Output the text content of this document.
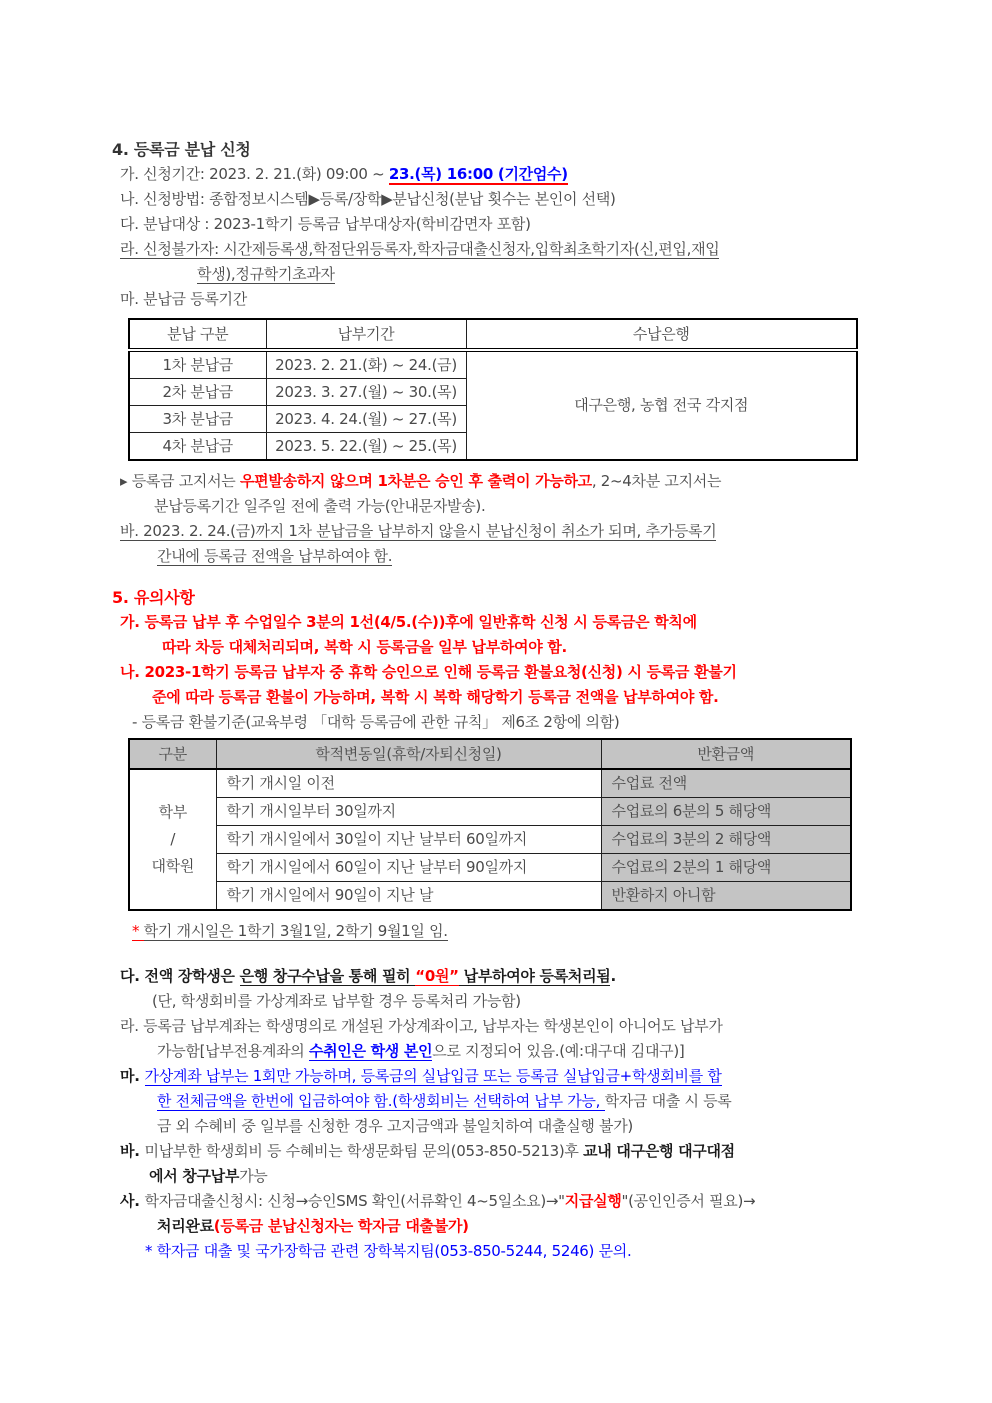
4. 등록금 분납 신청
가. 신청기간: 2023. 2. 21.(화) 09:00 ~ 23.(목) 16:00 (기간엄수)
나. 신청방법: 종합정보시스템▶등록/장학▶분납신청(분납 횟수는 본인이 선택)
다. 분납대상 : 2023-1학기 등록금 납부대상자(학비감면자 포함)
라. 신청불가자: 시간제등록생,학점단위등록자,학자금대출신청자,입학최초학기자(신,편입,재입
학생),정규학기초과자
마. 분납금 등록기간
분납 구분	납부기간	수납은행
1차 분납금	2023. 2. 21.(화) ~ 24.(금)	대구은행, 농협 전국 각지점
2차 분납금	2023. 3. 27.(월) ~ 30.(목)	
3차 분납금	2023. 4. 24.(월) ~ 27.(목)	
4차 분납금	2023. 5. 22.(월) ~ 25.(목)	
▸ 등록금 고지서는 우편발송하지 않으며 1차분은 승인 후 출력이 가능하고, 2~4차분 고지서는
분납등록기간 일주일 전에 출력 가능(안내문자발송).
바. 2023. 2. 24.(금)까지 1차 분납금을 납부하지 않을시 분납신청이 취소가 되며, 추가등록기
간내에 등록금 전액을 납부하여야 함.
5. 유의사항
가. 등록금 납부 후 수업일수 3분의 1선(4/5.(수))후에 일반휴학 신청 시 등록금은 학칙에
따라 차등 대체처리되며, 복학 시 등록금을 일부 납부하여야 함.
나. 2023-1학기 등록금 납부자 중 휴학 승인으로 인해 등록금 환불요청(신청) 시 등록금 환불기
준에 따라 등록금 환불이 가능하며, 복학 시 복학 해당학기 등록금 전액을 납부하여야 함.
- 등록금 환불기준(교육부령 「대학 등록금에 관한 규칙」 제6조 2항에 의함)
구분	학적변동일(휴학/자퇴신청일)	반환금액

학부
/
대학원	학기 개시일 이전	수업료 전액
	학기 개시일부터 30일까지	수업료의 6분의 5 해당액
	학기 개시일에서 30일이 지난 날부터 60일까지	수업료의 3분의 2 해당액
	학기 개시일에서 60일이 지난 날부터 90일까지	수업료의 2분의 1 해당액
	학기 개시일에서 90일이 지난 날	반환하지 아니함
* 학기 개시일은 1학기 3월1일, 2학기 9월1일 임.
다. 전액 장학생은 은행 창구수납을 통해 필히 “0원” 납부하여야 등록처리됨.
(단, 학생회비를 가상계좌로 납부할 경우 등록처리 가능함)
라. 등록금 납부계좌는 학생명의로 개설된 가상계좌이고, 납부자는 학생본인이 아니어도 납부가
가능함[납부전용계좌의 수취인은 학생 본인으로 지정되어 있음.(예:대구대 김대구)]
마. 가상계좌 납부는 1회만 가능하며, 등록금의 실납입금 또는 등록금 실납입금+학생회비를 합
한 전체금액을 한번에 입금하여야 함.(학생회비는 선택하여 납부 가능, 학자금 대출 시 등록
금 외 수혜비 중 일부를 신청한 경우 고지금액과 불일치하여 대출실행 불가)
바. 미납부한 학생회비 등 수혜비는 학생문화팀 문의(053-850-5213)후 교내 대구은행 대구대점
에서 창구납부가능
사. 학자금대출신청시: 신청→승인SMS 확인(서류확인 4~5일소요)→"지급실행"(공인인증서 필요)→
처리완료(등록금 분납신청자는 학자금 대출불가)
* 학자금 대출 및 국가장학금 관련 장학복지팀(053-850-5244, 5246) 문의.
